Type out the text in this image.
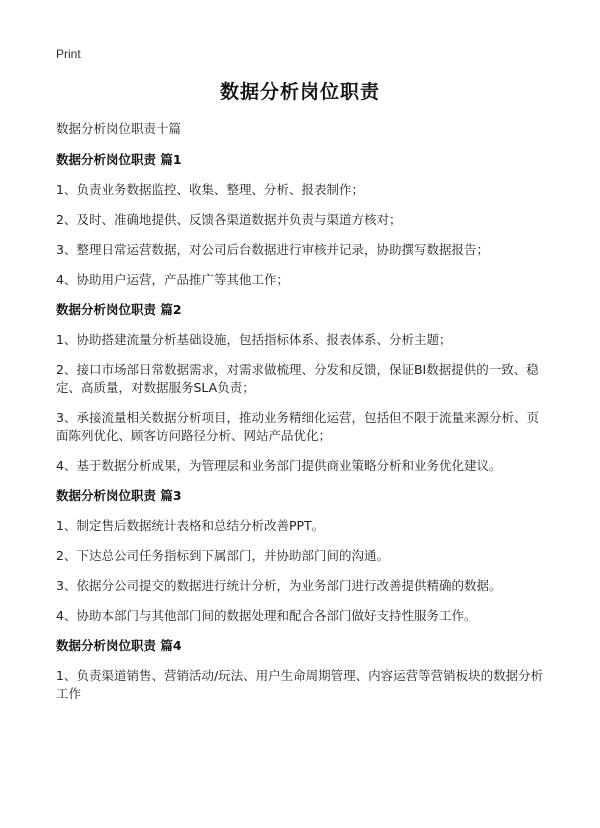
Print
数据分析岗位职责
数据分析岗位职责十篇
数据分析岗位职责 篇1
1、负责业务数据监控、收集、整理、分析、报表制作；
2、及时、准确地提供、反馈各渠道数据并负责与渠道方核对；
3、整理日常运营数据，对公司后台数据进行审核并记录，协助撰写数据报告；
4、协助用户运营，产品推广等其他工作；
数据分析岗位职责 篇2
1、协助搭建流量分析基础设施，包括指标体系、报表体系、分析主题；
2、接口市场部日常数据需求，对需求做梳理、分发和反馈，保证BI数据提供的一致、稳定、高质量，对数据服务SLA负责；
3、承接流量相关数据分析项目，推动业务精细化运营，包括但不限于流量来源分析、页面陈列优化、顾客访问路径分析、网站产品优化；
4、基于数据分析成果，为管理层和业务部门提供商业策略分析和业务优化建议。
数据分析岗位职责 篇3
1、制定售后数据统计表格和总结分析改善PPT。
2、下达总公司任务指标到下属部门，并协助部门间的沟通。
3、依据分公司提交的数据进行统计分析，为业务部门进行改善提供精确的数据。
4、协助本部门与其他部门间的数据处理和配合各部门做好支持性服务工作。
数据分析岗位职责 篇4
1、负责渠道销售、营销活动/玩法、用户生命周期管理、内容运营等营销板块的数据分析工作
